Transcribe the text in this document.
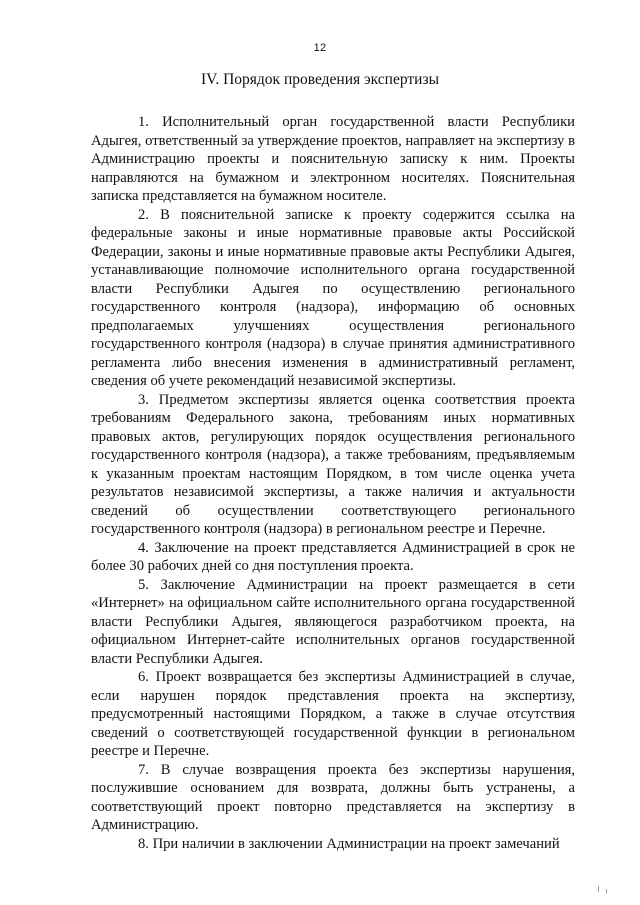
12
IV. Порядок проведения экспертизы

1. Исполнительный орган государственной власти Республики Адыгея, ответственный за утверждение проектов, направляет на экспертизу в Администрацию проекты и пояснительную записку к ним. Проекты направляются на бумажном и электронном носителях. Пояснительная записка представляется на бумажном носителе.

2. В пояснительной записке к проекту содержится ссылка на федеральные законы и иные нормативные правовые акты Российской Федерации, законы и иные нормативные правовые акты Республики Адыгея, устанавливающие полномочие исполнительного органа государственной власти Республики Адыгея по осуществлению регионального государственного контроля (надзора), информацию об основных предполагаемых улучшениях осуществления регионального государственного контроля (надзора) в случае принятия административного регламента либо внесения изменения в административный регламент, сведения об учете рекомендаций независимой экспертизы.

3. Предметом экспертизы является оценка соответствия проекта требованиям Федерального закона, требованиям иных нормативных правовых актов, регулирующих порядок осуществления регионального государственного контроля (надзора), а также требованиям, предъявляемым к указанным проектам настоящим Порядком, в том числе оценка учета результатов независимой экспертизы, а также наличия и актуальности сведений об осуществлении соответствующего регионального государственного контроля (надзора) в региональном реестре и Перечне.

4. Заключение на проект представляется Администрацией в срок не более 30 рабочих дней со дня поступления проекта.

5. Заключение Администрации на проект размещается в сети «Интернет» на официальном сайте исполнительного органа государственной власти Республики Адыгея, являющегося разработчиком проекта, на официальном Интернет-сайте исполнительных органов государственной власти Республики Адыгея.

6. Проект возвращается без экспертизы Администрацией в случае, если нарушен порядок представления проекта на экспертизу, предусмотренный настоящими Порядком, а также в случае отсутствия сведений о соответствующей государственной функции в региональном реестре и Перечне.

7. В случае возвращения проекта без экспертизы нарушения, послужившие основанием для возврата, должны быть устранены, а соответствующий проект повторно представляется на экспертизу в Администрацию.

8. При наличии в заключении Администрации на проект замечаний
